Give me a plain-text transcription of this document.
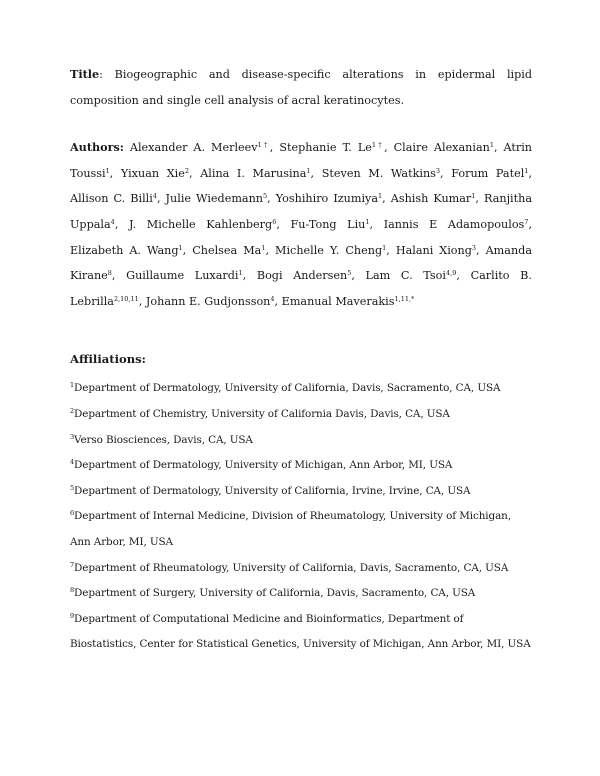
Title: Biogeographic and disease-specific alterations in epidermal lipid composition and single cell analysis of acral keratinocytes.

Authors: Alexander A. Merleev$^{1\dagger}$, Stephanie T. $Le^{1\dagger}$, Claire Alexanian$^1$, Atrin Toussi$^1$, Yixuan Xie$^2$, Alina I. Marusina$^1$, Steven M. Watkins$^3$, Forum Patel$^1$, Allison C. Billi$^4$, Julie Wiedemann$^5$, Yoshihiro Izumiya$^1$, Ashish Kumar$^1$, Ranjitha Uppala$^4$, J. Michelle Kahlenberg$^6$, Fu-Tong Liu$^1$, Iannis E Adamopoulos$^7$, Elizabeth A. Wang$^1$, Chelsea Ma$^1$, Michelle Y. Cheng$^1$, Halani Xiong$^3$, Amanda Kirane$^8$, Guillaume Luxardi$^1$, Bogi Andersen$^5$, Lam C. Tsoi$^{4,9}$, Carlito B. Lebrilla$^{2,10,11}$, Johann E. Gudjonsson$^4$, Emanual Maverakis$^{1,11,*}$

Affiliations:
$^1$Department of Dermatology, University of California, Davis, Sacramento, CA, USA
$^2$Department of Chemistry, University of California Davis, Davis, CA, USA
$^3$Verso Biosciences, Davis, CA, USA
$^4$Department of Dermatology, University of Michigan, Ann Arbor, MI, USA
$^5$Department of Dermatology, University of California, Irvine, Irvine, CA, USA
$^6$Department of Internal Medicine, Division of Rheumatology, University of Michigan, Ann Arbor, MI, USA
$^7$Department of Rheumatology, University of California, Davis, Sacramento, CA, USA
$^8$Department of Surgery, University of California, Davis, Sacramento, CA, USA
$^9$Department of Computational Medicine and Bioinformatics, Department of Biostatistics, Center for Statistical Genetics, University of Michigan, Ann Arbor, MI, USA
